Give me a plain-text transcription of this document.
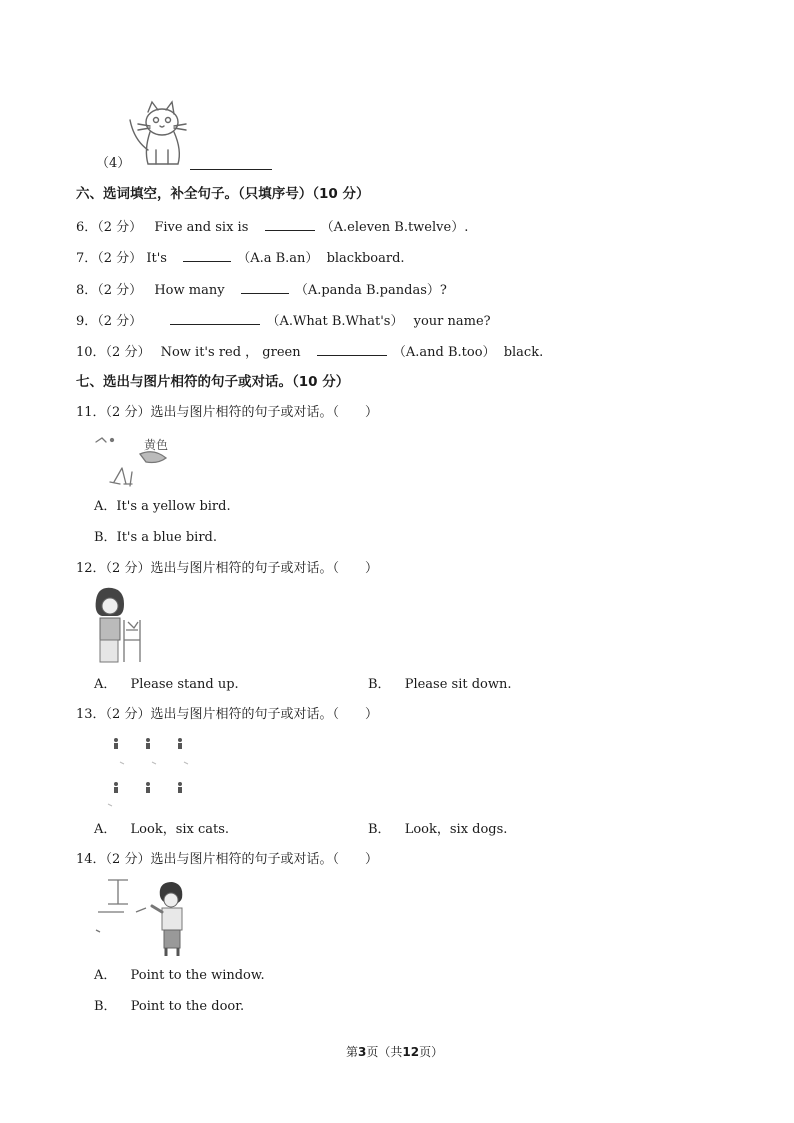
（4）
六、选词填空，补全句子。（只填序号）（10 分）
6．（2 分） Five and six is	（A.eleven B.twelve）.
7．（2 分） It's	（A.a B.an） blackboard.
8．（2 分） How many	（A.panda B.pandas）?
9．（2 分）	（A.What B.What's） your name?
10．（2 分） Now it's red ， green	（A.and B.too） black.
七、选出与图片相符的句子或对话。（10 分）
11．（2 分）选出与图片相符的句子或对话。（　　）
黄色
A．It's a yellow bird.
B．It's a blue bird.
12．（2 分）选出与图片相符的句子或对话。（　　）
A． Please stand up.	B． Please sit down.
13．（2 分）选出与图片相符的句子或对话。（　　）
A． Look，six cats.	B． Look，six dogs.
14．（2 分）选出与图片相符的句子或对话。（　　）
A． Point to the window.
B． Point to the door.
第3页（共12页）
